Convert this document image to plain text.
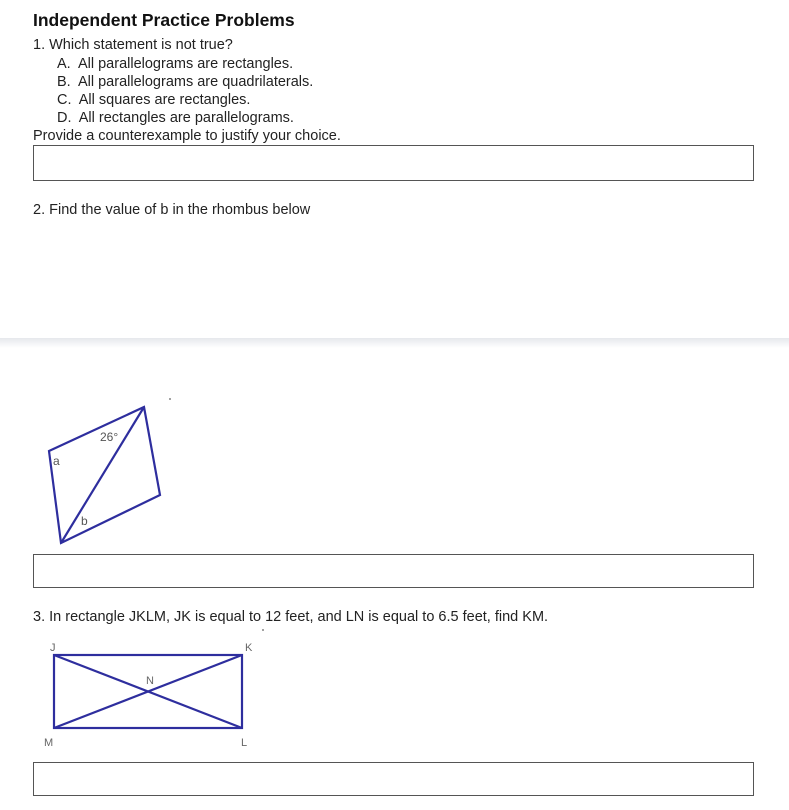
Independent Practice Problems
1. Which statement is not true?
A. All parallelograms are rectangles.
B. All parallelograms are quadrilaterals.
C. All squares are rectangles.
D. All rectangles are parallelograms.
Provide a counterexample to justify your choice.
2. Find the value of b in the rhombus below
26°
a
b
3. In rectangle JKLM, JK is equal to 12 feet, and LN is equal to 6.5 feet, find KM.
J	K
M	L
N
